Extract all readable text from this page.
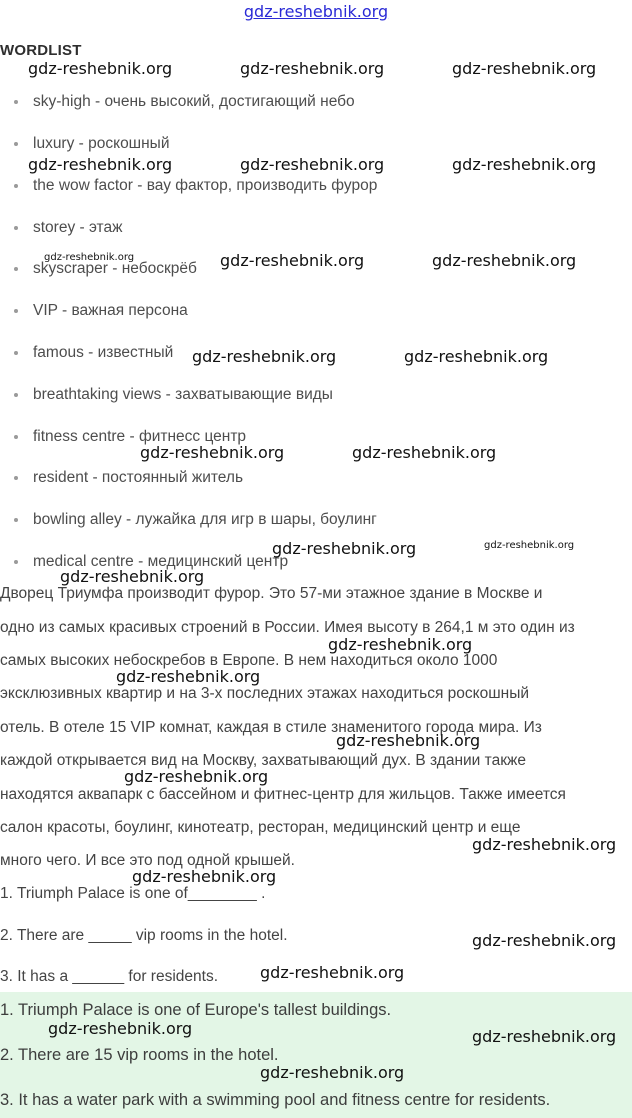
gdz-reshebnik.org
WORDLIST
sky-high - очень высокий, достигающий небо
luxury - роскошный
the wow factor - вау фактор, производить фурор
storey - этаж
skyscraper - небоскрёб
VIP - важная персона
famous - известный
breathtaking views - захватывающие виды
fitness centre - фитнесс центр
resident - постоянный житель
bowling alley - лужайка для игр в шары, боулинг
medical centre - медицинский центр
Дворец Триумфа производит фурор. Это 57-ми этажное здание в Москве и
одно из самых красивых строений в России. Имея высоту в 264,1 м это один из
самых высоких небоскребов в Европе. В нем находиться около 1000
эксклюзивных квартир и на 3-х последних этажах находиться роскошный
отель. В отеле 15 VIP комнат, каждая в стиле знаменитого города мира. Из
каждой открывается вид на Москву, захватывающий дух. В здании также
находятся аквапарк с бассейном и фитнес-центр для жильцов. Также имеется
салон красоты, боулинг, кинотеатр, ресторан, медицинский центр и еще
много чего. И все это под одной крышей.
1. Triumph Palace is one of________ .
2. There are _____ vip rooms in the hotel.
3. It has a ______ for residents.
1. Triumph Palace is one of Europe's tallest buildings.
2. There are 15 vip rooms in the hotel.
3. It has a water park with a swimming pool and fitness centre for residents.
gdz-reshebnik.org	gdz-reshebnik.org	gdz-reshebnik.org
gdz-reshebnik.org	gdz-reshebnik.org	gdz-reshebnik.org
gdz-reshebnik.org	gdz-reshebnik.org	gdz-reshebnik.org
gdz-reshebnik.org	gdz-reshebnik.org
gdz-reshebnik.org	gdz-reshebnik.org
gdz-reshebnik.org	gdz-reshebnik.org
gdz-reshebnik.org
gdz-reshebnik.org
gdz-reshebnik.org
gdz-reshebnik.org
gdz-reshebnik.org
gdz-reshebnik.org
gdz-reshebnik.org
gdz-reshebnik.org
gdz-reshebnik.org
gdz-reshebnik.org	gdz-reshebnik.org
gdz-reshebnik.org
